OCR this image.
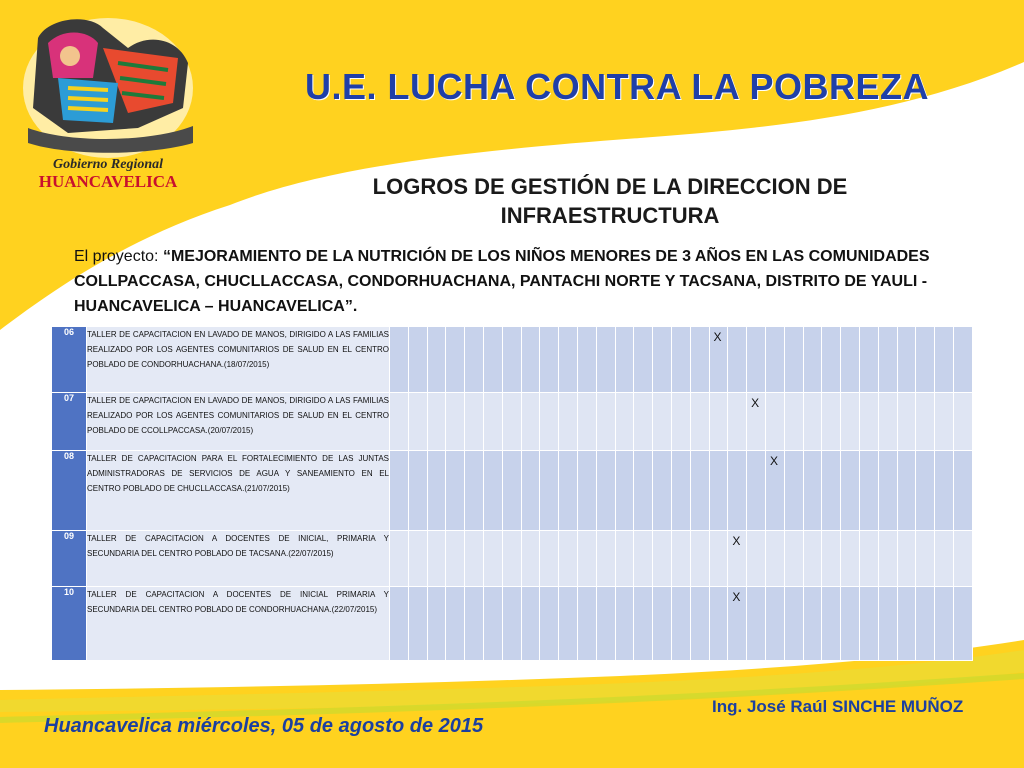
Gobierno Regional
HUANCAVELICA
U.E. LUCHA CONTRA LA POBREZA
LOGROS DE GESTIÓN DE LA DIRECCION DE INFRAESTRUCTURA
El proyecto: “MEJORAMIENTO DE LA NUTRICIÓN DE LOS NIÑOS MENORES DE 3 AÑOS EN LAS COMUNIDADES COLLPACCASA, CHUCLLACCASA, CONDORHUACHANA, PANTACHI NORTE Y TACSANA, DISTRITO DE YAULI - HUANCAVELICA – HUANCAVELICA”.
06	TALLER DE CAPACITACION EN LAVADO DE MANOS, DIRIGIDO A LAS FAMILIAS REALIZADO POR LOS AGENTES COMUNITARIOS DE SALUD EN EL CENTRO POBLADO DE CONDORHUACHANA.(18/07/2015)																		X													
07	TALLER DE CAPACITACION EN LAVADO DE MANOS, DIRIGIDO A LAS FAMILIAS REALIZADO POR LOS AGENTES COMUNITARIOS DE SALUD EN EL CENTRO POBLADO DE CCOLLPACCASA.(20/07/2015)																				X											
08	TALLER DE CAPACITACION PARA EL FORTALECIMIENTO DE LAS JUNTAS ADMINISTRADORAS DE SERVICIOS DE AGUA Y SANEAMIENTO EN EL CENTRO POBLADO DE CHUCLLACCASA.(21/07/2015)																					X										
09	TALLER DE CAPACITACION A DOCENTES DE INICIAL, PRIMARIA Y SECUNDARIA DEL CENTRO POBLADO DE TACSANA.(22/07/2015)																			X												
10	TALLER DE CAPACITACION A DOCENTES DE INICIAL PRIMARIA Y SECUNDARIA DEL CENTRO POBLADO DE CONDORHUACHANA.(22/07/2015)																			X												
Ing. José Raúl SINCHE MUÑOZ
Huancavelica miércoles, 05 de agosto de 2015
